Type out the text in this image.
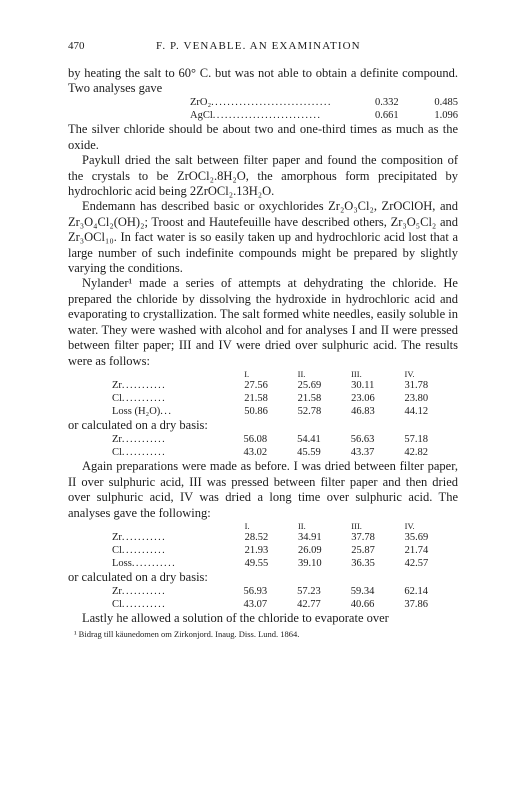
470	F. P. VENABLE. AN EXAMINATION

by heating the salt to 60° C. but was not able to obtain a definite compound. Two analyses gave

ZrO₂..............................	0.332	0.485
AgCl...........................	0.661	1.096

The silver chloride should be about two and one-third times as much as the oxide.

Paykull dried the salt between filter paper and found the composition of the crystals to be ZrOCl₂.8H₂O, the amorphous form precipitated by hydrochloric acid being 2ZrOCl₂.13H₂O.

Endemann has described basic or oxychlorides Zr₂O₃Cl₂, ZrOClOH, and Zr₃O₄Cl₂(OH)₂; Troost and Hautefeuille have described others, Zr₃O₅Cl₂ and Zr₃OCl₁₀. In fact water is so easily taken up and hydrochloric acid lost that a large number of such indefinite compounds might be prepared by slightly varying the conditions.

Nylander¹ made a series of attempts at dehydrating the chloride. He prepared the chloride by dissolving the hydroxide in hydrochloric acid and evaporating to crystallization. The salt formed white needles, easily soluble in water. They were washed with alcohol and for analyses I and II were pressed between filter paper; III and IV were dried over sulphuric acid. The results were as follows:

	I.	II.	III.	IV.
Zr...........	27.56	25.69	30.11	31.78
Cl...........	21.58	21.58	23.06	23.80
Loss (H₂O)...	50.86	52.78	46.83	44.12

or calculated on a dry basis:

Zr...........	56.08	54.41	56.63	57.18
Cl...........	43.02	45.59	43.37	42.82

Again preparations were made as before. I was dried between filter paper, II over sulphuric acid, III was pressed between filter paper and then dried over sulphuric acid, IV was dried a long time over sulphuric acid. The analyses gave the following:

	I.	II.	III.	IV.
Zr...........	28.52	34.91	37.78	35.69
Cl...........	21.93	26.09	25.87	21.74
Loss...........	49.55	39.10	36.35	42.57

or calculated on a dry basis:

Zr...........	56.93	57.23	59.34	62.14
Cl...........	43.07	42.77	40.66	37.86

Lastly he allowed a solution of the chloride to evaporate over

¹ Bidrag till käunedomen om Zirkonjord. Inaug. Diss. Lund. 1864.
